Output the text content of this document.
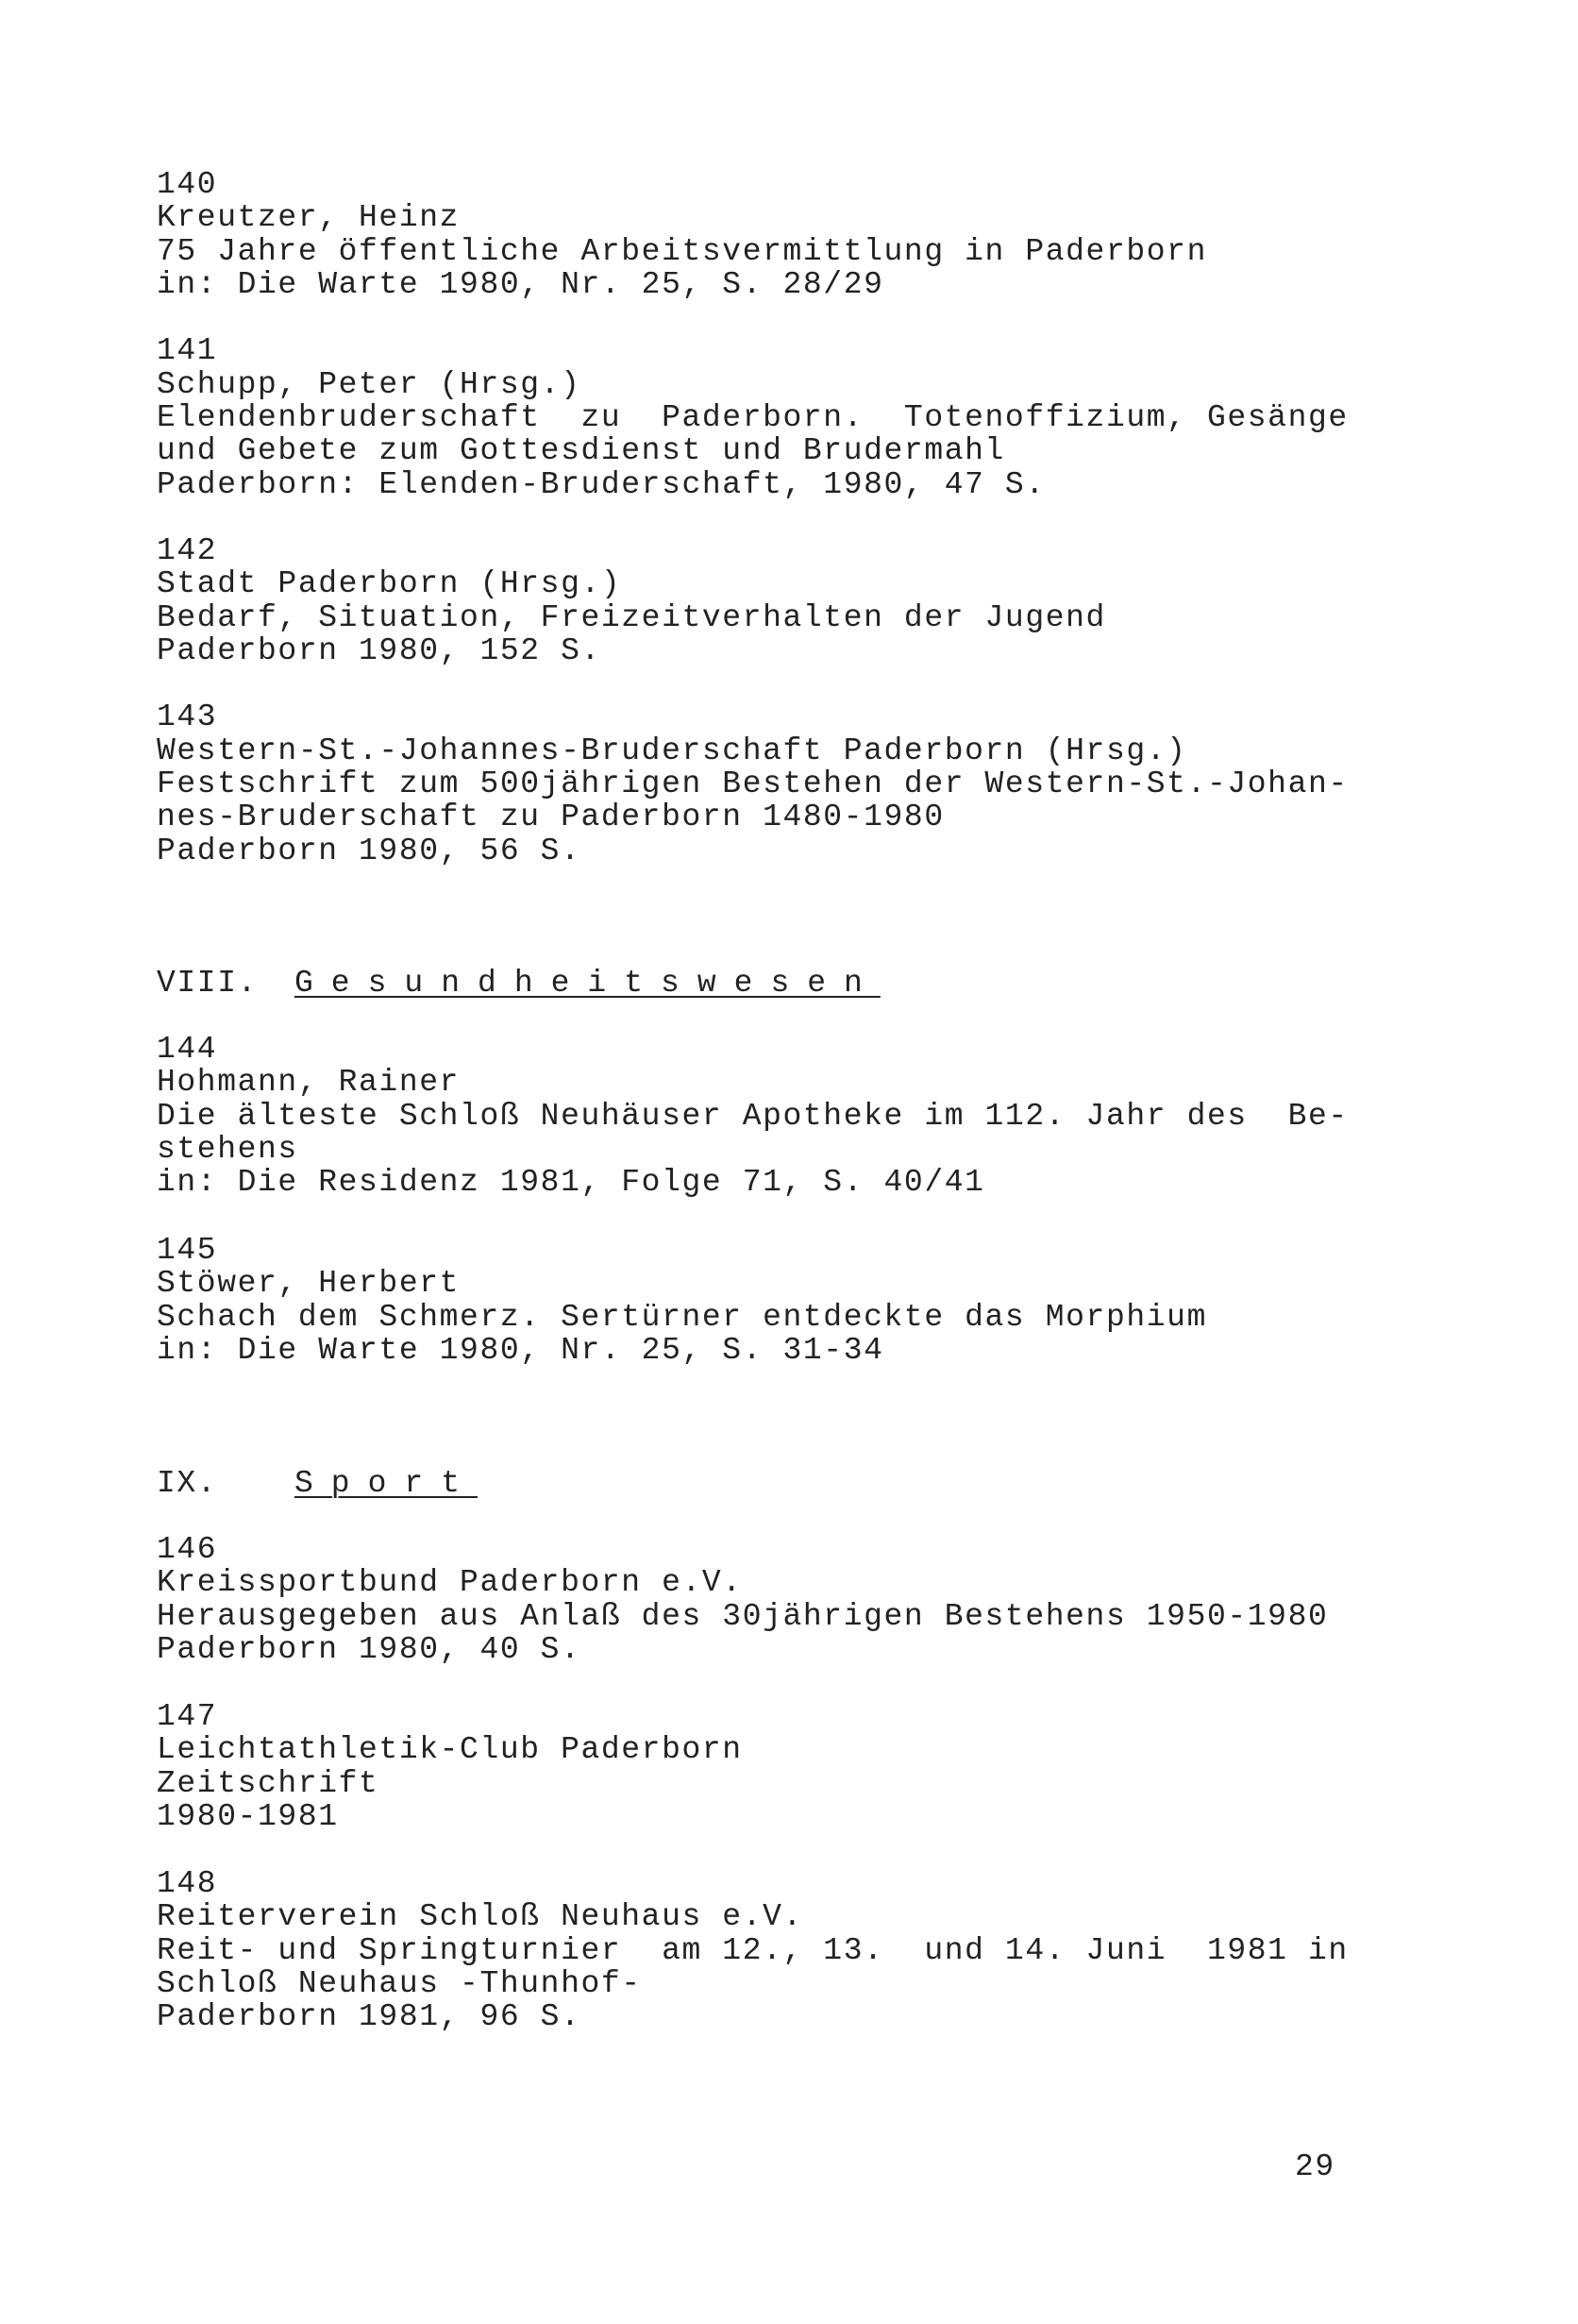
140
Kreutzer, Heinz
75 Jahre öffentliche Arbeitsvermittlung in Paderborn
in: Die Warte 1980, Nr. 25, S. 28/29
141
Schupp, Peter (Hrsg.)
Elendenbruderschaft  zu  Paderborn.  Totenoffizium, Gesänge
und Gebete zum Gottesdienst und Brudermahl
Paderborn: Elenden-Bruderschaft, 1980, 47 S.
142
Stadt Paderborn (Hrsg.)
Bedarf, Situation, Freizeitverhalten der Jugend
Paderborn 1980, 152 S.
143
Western-St.-Johannes-Bruderschaft Paderborn (Hrsg.)
Festschrift zum 500jährigen Bestehen der Western-St.-Johan-
nes-Bruderschaft zu Paderborn 1480-1980
Paderborn 1980, 56 S.
VIII. Gesundheitswesen
144
Hohmann, Rainer
Die älteste Schloß Neuhäuser Apotheke im 112. Jahr des  Be-
stehens
in: Die Residenz 1981, Folge 71, S. 40/41
145
Stöwer, Herbert
Schach dem Schmerz. Sertürner entdeckte das Morphium
in: Die Warte 1980, Nr. 25, S. 31-34
IX. Sport
146
Kreissportbund Paderborn e.V.
Herausgegeben aus Anlaß des 30jährigen Bestehens 1950-1980
Paderborn 1980, 40 S.
147
Leichtathletik-Club Paderborn
Zeitschrift
1980-1981
148
Reiterverein Schloß Neuhaus e.V.
Reit- und Springturnier  am 12., 13.  und 14. Juni  1981 in
Schloß Neuhaus -Thunhof-
Paderborn 1981, 96 S.
29
